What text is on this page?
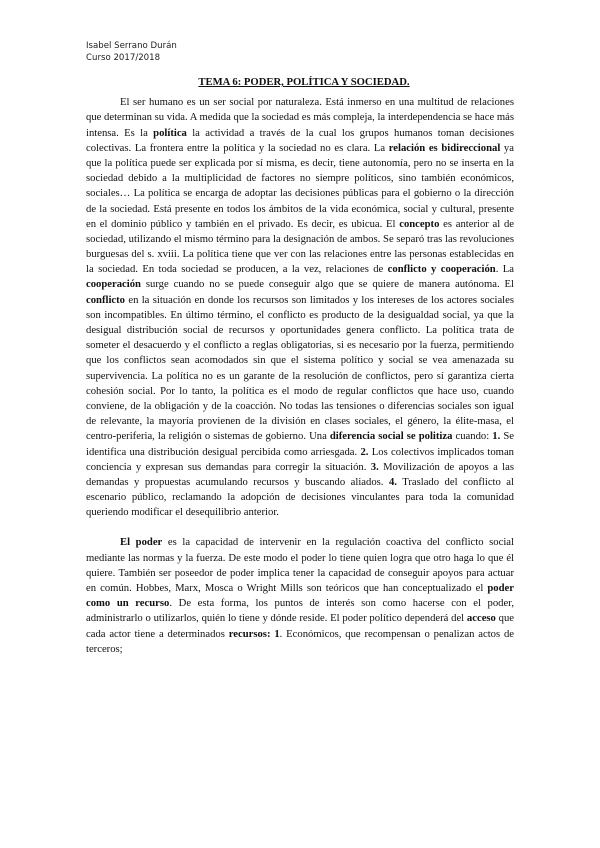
Isabel Serrano Durán
Curso 2017/2018
TEMA 6: PODER, POLÍTICA Y SOCIEDAD.

El ser humano es un ser social por naturaleza. Está inmerso en una multitud de relaciones que determinan su vida. A medida que la sociedad es más compleja, la interdependencia se hace más intensa. Es la política la actividad a través de la cual los grupos humanos toman decisiones colectivas. La frontera entre la política y la sociedad no es clara. La relación es bidireccional ya que la política puede ser explicada por sí misma, es decir, tiene autonomía, pero no se inserta en la sociedad debido a la multiplicidad de factores no siempre políticos, sino también económicos, sociales… La política se encarga de adoptar las decisiones públicas para el gobierno o la dirección de la sociedad. Está presente en todos los ámbitos de la vida económica, social y cultural, presente en el dominio público y también en el privado. Es decir, es ubicua. El concepto es anterior al de sociedad, utilizando el mismo término para la designación de ambos. Se separó tras las revoluciones burguesas del s. xviii. La política tiene que ver con las relaciones entre las personas establecidas en la sociedad. En toda sociedad se producen, a la vez, relaciones de conflicto y cooperación. La cooperación surge cuando no se puede conseguir algo que se quiere de manera autónoma. El conflicto en la situación en donde los recursos son limitados y los intereses de los actores sociales son incompatibles. En último término, el conflicto es producto de la desigualdad social, ya que la desigual distribución social de recursos y oportunidades genera conflicto. La política trata de someter el desacuerdo y el conflicto a reglas obligatorias, si es necesario por la fuerza, permitiendo que los conflictos sean acomodados sin que el sistema político y social se vea amenazada su supervivencia. La política no es un garante de la resolución de conflictos, pero sí garantiza cierta cohesión social. Por lo tanto, la política es el modo de regular conflictos que hace uso, cuando conviene, de la obligación y de la coacción. No todas las tensiones o diferencias sociales son igual de relevante, la mayoría provienen de la división en clases sociales, el género, la élite-masa, el centro-periferia, la religión o sistemas de gobierno. Una diferencia social se politiza cuando: 1. Se identifica una distribución desigual percibida como arriesgada. 2. Los colectivos implicados toman conciencia y expresan sus demandas para corregir la situación. 3. Movilización de apoyos a las demandas y propuestas acumulando recursos y buscando aliados. 4. Traslado del conflicto al escenario público, reclamando la adopción de decisiones vinculantes para toda la comunidad queriendo modificar el desequilibrio anterior.

El poder es la capacidad de intervenir en la regulación coactiva del conflicto social mediante las normas y la fuerza. De este modo el poder lo tiene quien logra que otro haga lo que él quiere. También ser poseedor de poder implica tener la capacidad de conseguir apoyos para actuar en común. Hobbes, Marx, Mosca o Wright Mills son teóricos que han conceptualizado el poder como un recurso. De esta forma, los puntos de interés son como hacerse con el poder, administrarlo o utilizarlos, quién lo tiene y dónde reside. El poder político dependerá del acceso que cada actor tiene a determinados recursos: 1. Económicos, que recompensan o penalizan actos de terceros;
